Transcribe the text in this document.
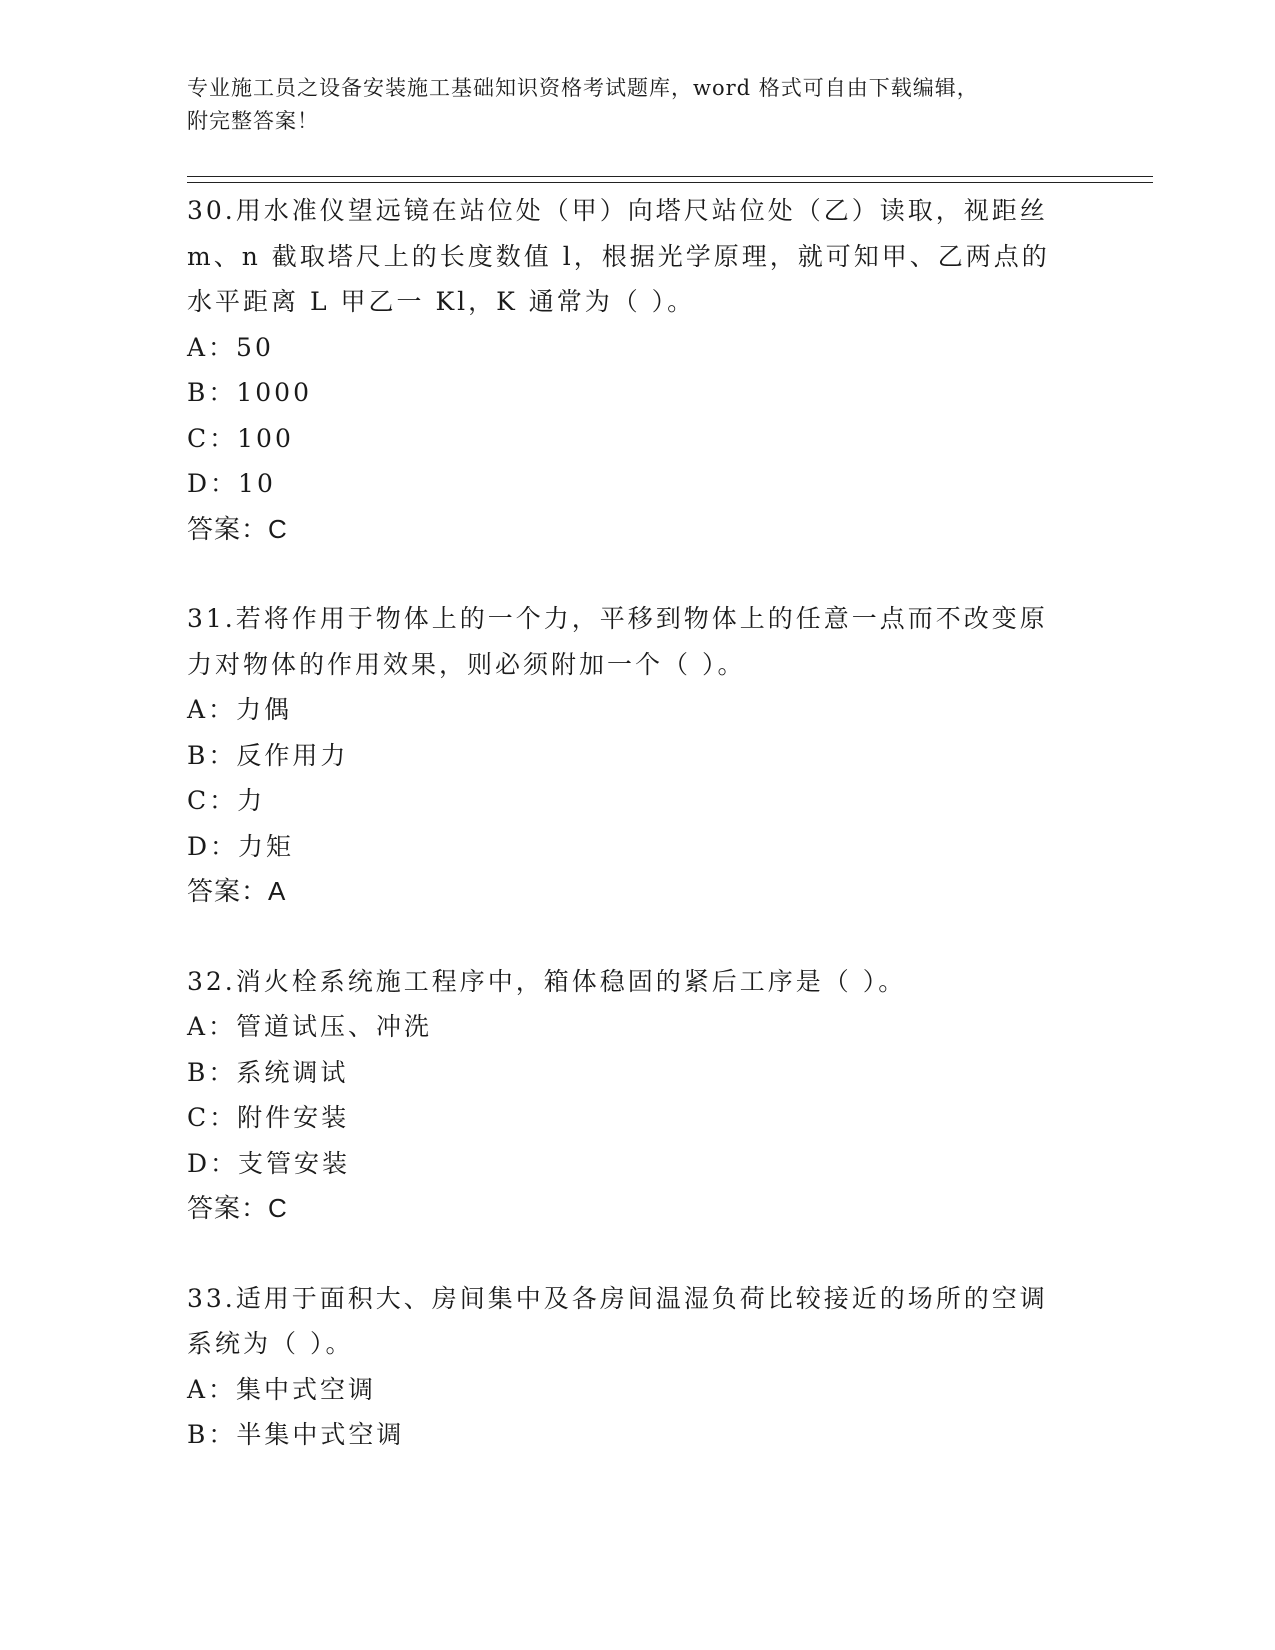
专业施工员之设备安装施工基础知识资格考试题库，word 格式可自由下载编辑，
附完整答案！
30.用水准仪望远镜在站位处（甲）向塔尺站位处（乙）读取，视距丝
m、n 截取塔尺上的长度数值 l，根据光学原理，就可知甲、乙两点的
水平距离 L 甲乙一 Kl，K 通常为（ ）。
A：50
B：1000
C：100
D：10
答案：C
31.若将作用于物体上的一个力，平移到物体上的任意一点而不改变原
力对物体的作用效果，则必须附加一个（ ）。
A：力偶
B：反作用力
C：力
D：力矩
答案：A
32.消火栓系统施工程序中，箱体稳固的紧后工序是（ ）。
A：管道试压、冲洗
B：系统调试
C：附件安装
D：支管安装
答案：C
33.适用于面积大、房间集中及各房间温湿负荷比较接近的场所的空调
系统为（ ）。
A：集中式空调
B：半集中式空调
